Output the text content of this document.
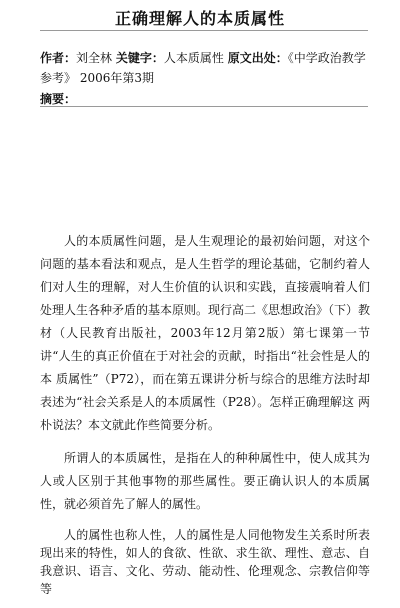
正确理解人的本质属性
作者：刘全林 关键字：人本质属性 原文出处：《中学政治教学参考》 2006年第3期
摘要：

人的本质属性问题，是人生观理论的最初始问题，对这个问题的基本看法和观点，是人生哲学的理论基础，它制约着人们对人生的理解，对人生价值的认识和实践，直接震响着人们处理人生各种矛盾的基本原则。现行高二《思想政治》（下）教材（人民教育出版社，2003年12月第2版）第七课第一节讲“人生的真正价值在于对社会的贡献，时指出“社会性是人的本 质属性”（P72），而在第五课讲分析与综合的思维方法时却 表述为“社会关系是人的本质属性（P28）。怎样正确理解这 两朴说法？本文就此作些简要分析。

所谓人的本质属性，是指在人的种种属性中，使人成其为人或人区别于其他事物的那些属性。要正确认识人的本质属性，就必须首先了解人的属性。

人的属性也称人性，人的属性是人同他物发生关系时所表现出来的特性，如人的食欲、性欲、求生欲、理性、意志、自我意识、语言、文化、劳动、能动性、伦理观念、宗教信仰等等
